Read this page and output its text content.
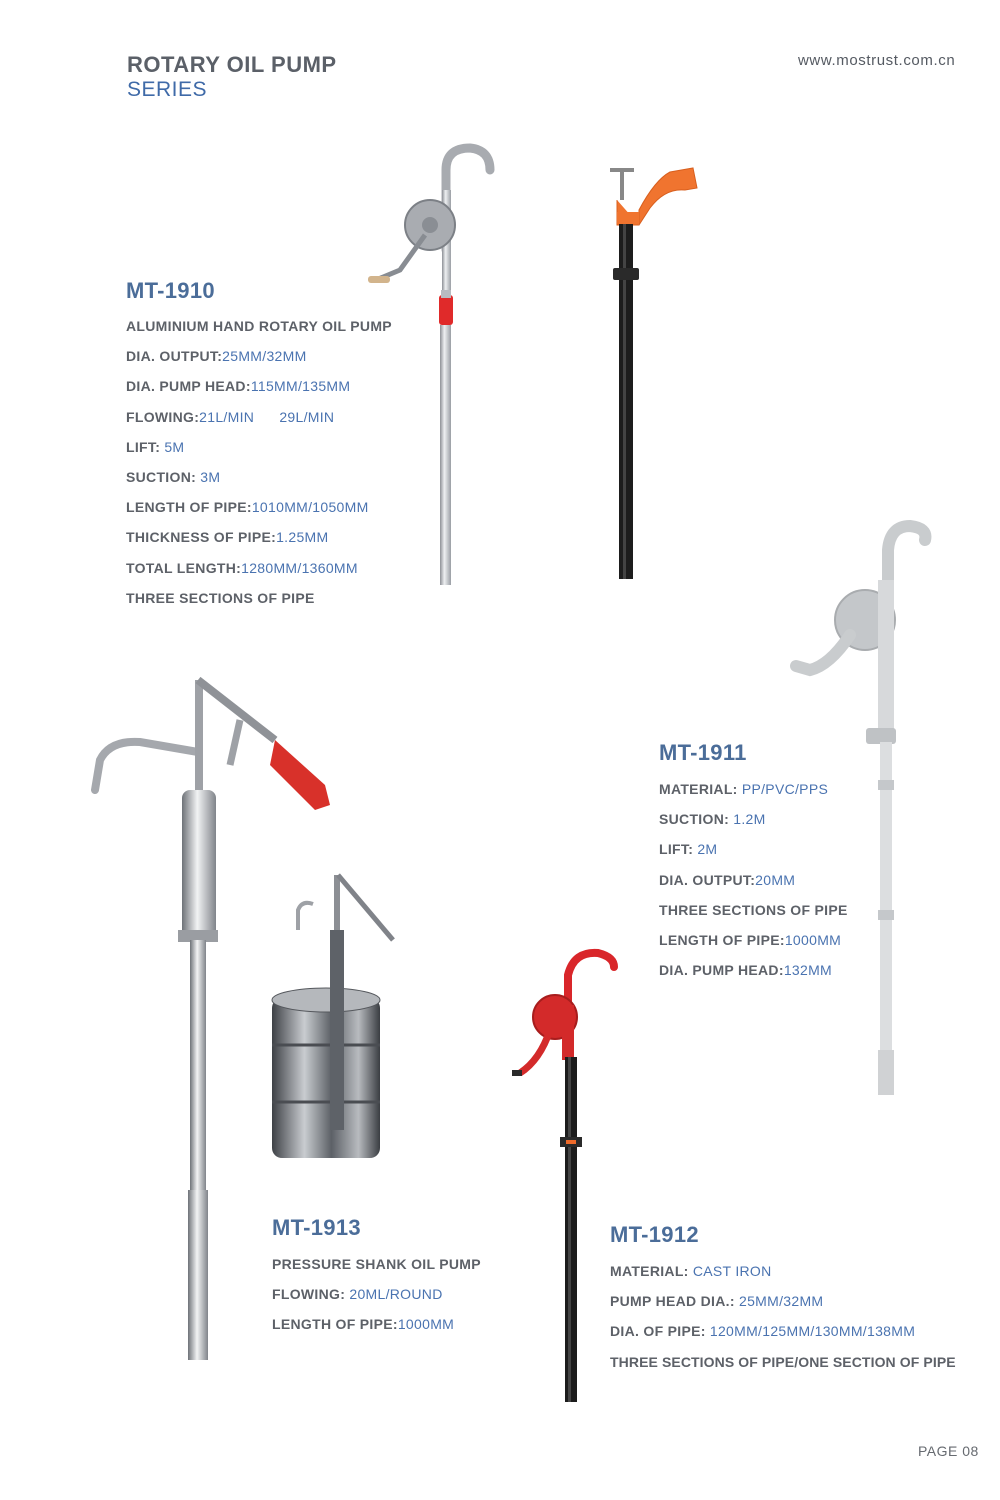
ROTARY OIL PUMP
SERIES
www.mostrust.com.cn
MT-1910
ALUMINIUM HAND ROTARY OIL PUMP
DIA. OUTPUT:25MM/32MM
DIA. PUMP HEAD:115MM/135MM
FLOWING:21L/MIN      29L/MIN
LIFT: 5M
SUCTION: 3M
LENGTH OF PIPE:1010MM/1050MM
THICKNESS OF PIPE:1.25MM
TOTAL LENGTH:1280MM/1360MM
THREE SECTIONS OF PIPE
MT-1911
MATERIAL: PP/PVC/PPS
SUCTION: 1.2M
LIFT: 2M
DIA. OUTPUT:20MM
THREE SECTIONS OF PIPE
LENGTH OF PIPE:1000MM
DIA. PUMP HEAD:132MM
MT-1913
PRESSURE SHANK OIL PUMP
FLOWING: 20ML/ROUND
LENGTH OF PIPE:1000MM
MT-1912
MATERIAL: CAST IRON
PUMP HEAD DIA.: 25MM/32MM
DIA. OF PIPE: 120MM/125MM/130MM/138MM
THREE SECTIONS OF PIPE/ONE SECTION OF PIPE
PAGE 08
